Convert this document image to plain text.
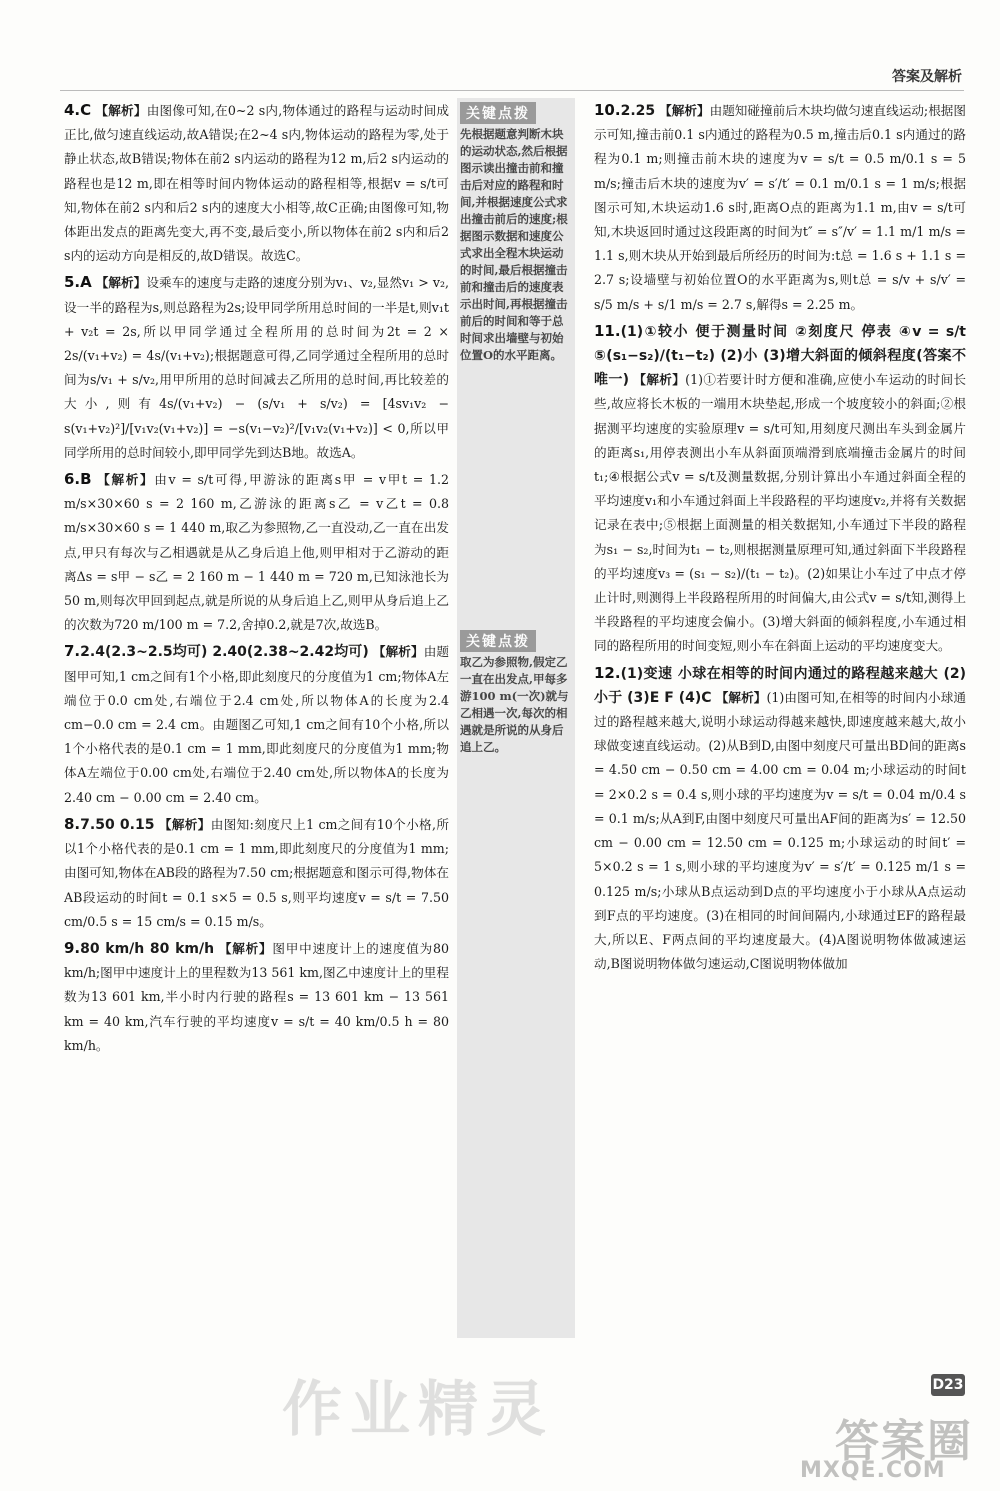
答案及解析

4.C 【解析】由图像可知,在0~2 s内,物体通过的路程与运动时间成正比,做匀速直线运动,故A错误;在2~4 s内,物体运动的路程为零,处于静止状态,故B错误;物体在前2 s内运动的路程为12 m,后2 s内运动的路程也是12 m,即在相等时间内物体运动的路程相等,根据v = s/t可知,物体在前2 s内和后2 s内的速度大小相等,故C正确;由图像可知,物体距出发点的距离先变大,再不变,最后变小,所以物体在前2 s内和后2 s内的运动方向是相反的,故D错误。故选C。

5.A 【解析】设乘车的速度与走路的速度分别为v₁、v₂,显然v₁ > v₂,设一半的路程为s,则总路程为2s;设甲同学所用总时间的一半是t,则v₁t + v₂t = 2s,所以甲同学通过全程所用的总时间为2t = 2 × 2s/(v₁+v₂) = 4s/(v₁+v₂);根据题意可得,乙同学通过全程所用的总时间为s/v₁ + s/v₂,用甲所用的总时间减去乙所用的总时间,再比较差的大小,则有4s/(v₁+v₂) − (s/v₁ + s/v₂) = [4sv₁v₂ − s(v₁+v₂)²]/[v₁v₂(v₁+v₂)] = −s(v₁−v₂)²/[v₁v₂(v₁+v₂)] < 0,所以甲同学所用的总时间较小,即甲同学先到达B地。故选A。

6.B 【解析】由v = s/t可得,甲游泳的距离s甲 = v甲t = 1.2 m/s×30×60 s = 2 160 m,乙游泳的距离s乙 = v乙t = 0.8 m/s×30×60 s = 1 440 m,取乙为参照物,乙一直没动,乙一直在出发点,甲只有每次与乙相遇就是从乙身后追上他,则甲相对于乙游动的距离Δs = s甲 − s乙 = 2 160 m − 1 440 m = 720 m,已知泳池长为50 m,则每次甲回到起点,就是所说的从身后追上乙,则甲从身后追上乙的次数为720 m/100 m = 7.2,舍掉0.2,就是7次,故选B。

7.2.4(2.3~2.5均可) 2.40(2.38~2.42均可) 【解析】由题图甲可知,1 cm之间有1个小格,即此刻度尺的分度值为1 cm;物体A左端位于0.0 cm处,右端位于2.4 cm处,所以物体A的长度为2.4 cm−0.0 cm = 2.4 cm。由题图乙可知,1 cm之间有10个小格,所以1个小格代表的是0.1 cm = 1 mm,即此刻度尺的分度值为1 mm;物体A左端位于0.00 cm处,右端位于2.40 cm处,所以物体A的长度为2.40 cm − 0.00 cm = 2.40 cm。

8.7.50 0.15 【解析】由图知:刻度尺上1 cm之间有10个小格,所以1个小格代表的是0.1 cm = 1 mm,即此刻度尺的分度值为1 mm;由图可知,物体在AB段的路程为7.50 cm;根据题意和图示可得,物体在AB段运动的时间t = 0.1 s×5 = 0.5 s,则平均速度v = s/t = 7.50 cm/0.5 s = 15 cm/s = 0.15 m/s。

9.80 km/h 80 km/h 【解析】图甲中速度计上的速度值为80 km/h;图甲中速度计上的里程数为13 561 km,图乙中速度计上的里程数为13 601 km,半小时内行驶的路程s = 13 601 km − 13 561 km = 40 km,汽车行驶的平均速度v = s/t = 40 km/0.5 h = 80 km/h。

关键点拨
先根据题意判断木块的运动状态,然后根据图示读出撞击前和撞击后对应的路程和时间,并根据速度公式求出撞击前后的速度;根据图示数据和速度公式求出全程木块运动的时间,最后根据撞击前和撞击后的速度表示出时间,再根据撞击前后的时间和等于总时间求出墙壁与初始位置O的水平距离。
关键点拨
取乙为参照物,假定乙一直在出发点,甲每多游100 m(一次)就与乙相遇一次,每次的相遇就是所说的从身后追上乙。

10.2.25 【解析】由题知碰撞前后木块均做匀速直线运动;根据图示可知,撞击前0.1 s内通过的路程为0.5 m,撞击后0.1 s内通过的路程为0.1 m;则撞击前木块的速度为v = s/t = 0.5 m/0.1 s = 5 m/s;撞击后木块的速度为v′ = s′/t′ = 0.1 m/0.1 s = 1 m/s;根据图示可知,木块运动1.6 s时,距离O点的距离为1.1 m,由v = s/t可知,木块返回时通过这段距离的时间为t″ = s″/v′ = 1.1 m/1 m/s = 1.1 s,则木块从开始到最后所经历的时间为:t总 = 1.6 s + 1.1 s = 2.7 s;设墙壁与初始位置O的水平距离为s,则t总 = s/v + s/v′ = s/5 m/s + s/1 m/s = 2.7 s,解得s = 2.25 m。

11.(1)①较小 便于测量时间 ②刻度尺 停表 ④v = s/t ⑤(s₁−s₂)/(t₁−t₂) (2)小 (3)增大斜面的倾斜程度(答案不唯一) 【解析】(1)①若要计时方便和准确,应使小车运动的时间长些,故应将长木板的一端用木块垫起,形成一个坡度较小的斜面;②根据测平均速度的实验原理v = s/t可知,用刻度尺测出车头到金属片的距离s₁,用停表测出小车从斜面顶端滑到底端撞击金属片的时间t₁;④根据公式v = s/t及测量数据,分别计算出小车通过斜面全程的平均速度v₁和小车通过斜面上半段路程的平均速度v₂,并将有关数据记录在表中;⑤根据上面测量的相关数据知,小车通过下半段的路程为s₁ − s₂,时间为t₁ − t₂,则根据测量原理可知,通过斜面下半段路程的平均速度v₃ = (s₁ − s₂)/(t₁ − t₂)。(2)如果让小车过了中点才停止计时,则测得上半段路程所用的时间偏大,由公式v = s/t知,测得上半段路程的平均速度会偏小。(3)增大斜面的倾斜程度,小车通过相同的路程所用的时间变短,则小车在斜面上运动的平均速度变大。

12.(1)变速 小球在相等的时间内通过的路程越来越大 (2)小于 (3)E F (4)C 【解析】(1)由图可知,在相等的时间内小球通过的路程越来越大,说明小球运动得越来越快,即速度越来越大,故小球做变速直线运动。(2)从B到D,由图中刻度尺可量出BD间的距离s = 4.50 cm − 0.50 cm = 4.00 cm = 0.04 m;小球运动的时间t = 2×0.2 s = 0.4 s,则小球的平均速度为v = s/t = 0.04 m/0.4 s = 0.1 m/s;从A到F,由图中刻度尺可量出AF间的距离为s′ = 12.50 cm − 0.00 cm = 12.50 cm = 0.125 m;小球运动的时间t′ = 5×0.2 s = 1 s,则小球的平均速度为v′ = s′/t′ = 0.125 m/1 s = 0.125 m/s;小球从B点运动到D点的平均速度小于小球从A点运动到F点的平均速度。(3)在相同的时间间隔内,小球通过EF的路程最大,所以E、F两点间的平均速度最大。(4)A图说明物体做减速运动,B图说明物体做匀速运动,C图说明物体做加

D23
作业精灵	答案圈
MXQE.COM
